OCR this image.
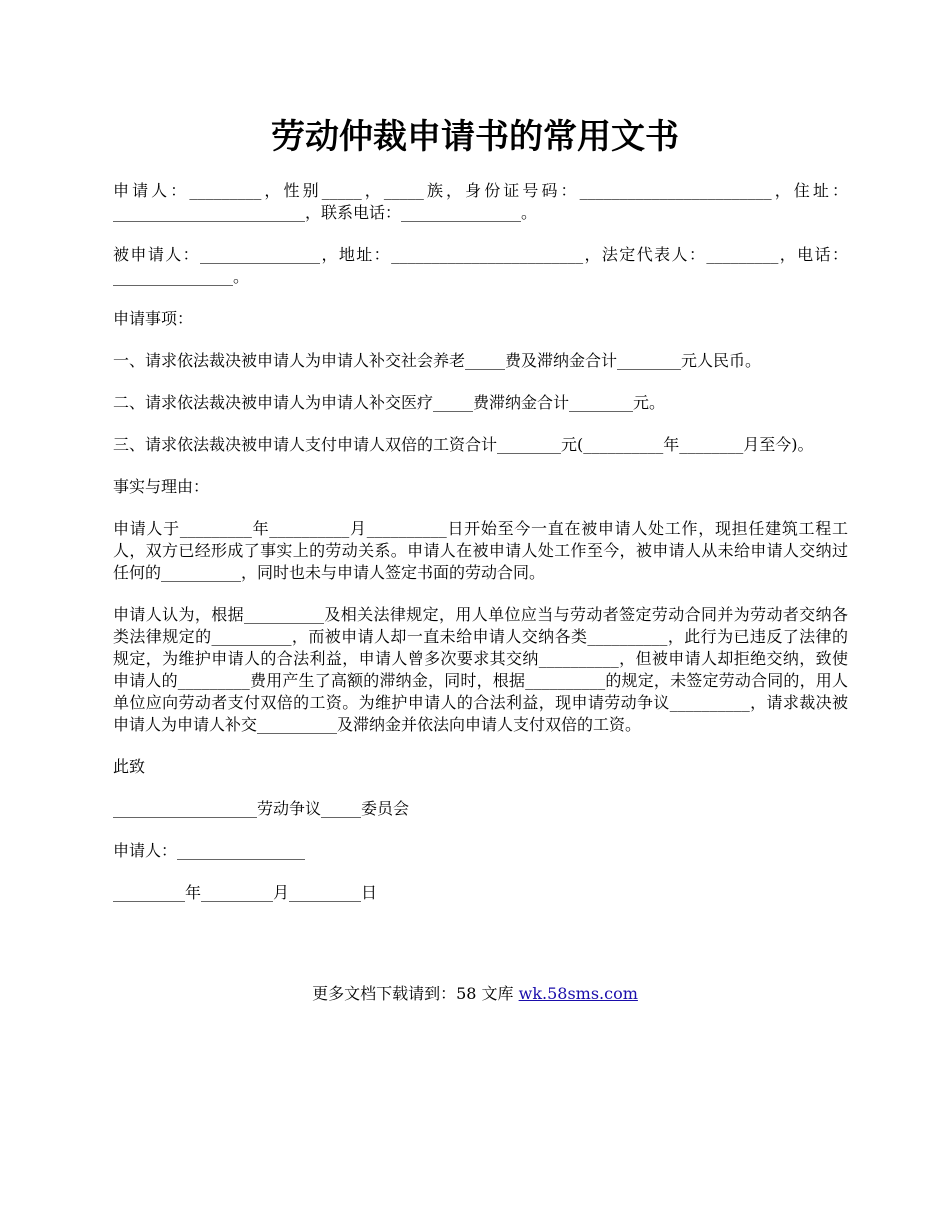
劳动仲裁申请书的常用文书

申请人：_________，性别_____，_____族，身份证号码：________________________，住址：________________________，联系电话：_______________。

被申请人：_______________，地址：________________________，法定代表人：_________，电话：_______________。

申请事项：

一、请求依法裁决被申请人为申请人补交社会养老_____费及滞纳金合计________元人民币。

二、请求依法裁决被申请人为申请人补交医疗_____费滞纳金合计________元。

三、请求依法裁决被申请人支付申请人双倍的工资合计________元(__________年________月至今)。

事实与理由：

申请人于_________年__________月__________日开始至今一直在被申请人处工作，现担任建筑工程工人，双方已经形成了事实上的劳动关系。申请人在被申请人处工作至今，被申请人从未给申请人交纳过任何的__________，同时也未与申请人签定书面的劳动合同。

申请人认为，根据__________及相关法律规定，用人单位应当与劳动者签定劳动合同并为劳动者交纳各类法律规定的__________，而被申请人却一直未给申请人交纳各类__________，此行为已违反了法律的规定，为维护申请人的合法利益，申请人曾多次要求其交纳__________，但被申请人却拒绝交纳，致使申请人的_________费用产生了高额的滞纳金，同时，根据__________的规定，未签定劳动合同的，用人单位应向劳动者支付双倍的工资。为维护申请人的合法利益，现申请劳动争议__________，请求裁决被申请人为申请人补交__________及滞纳金并依法向申请人支付双倍的工资。

此致

__________________劳动争议_____委员会

申请人：________________

_________年_________月_________日

更多文档下载请到：58 文库 wk.58sms.com
